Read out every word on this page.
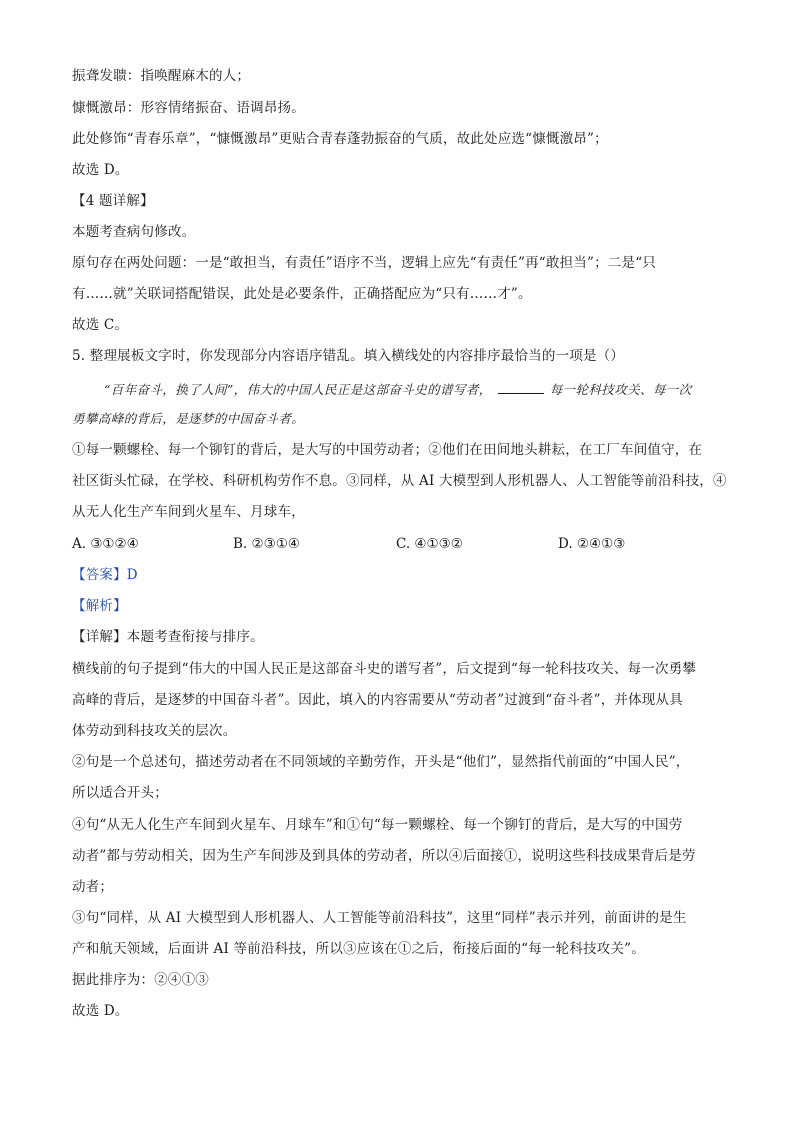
振聋发聩：指唤醒麻木的人；
慷慨激昂：形容情绪振奋、语调昂扬。
此处修饰“青春乐章”，“慷慨激昂”更贴合青春蓬勃振奋的气质，故此处应选“慷慨激昂”；
故选 D。
【4 题详解】
本题考查病句修改。
原句存在两处问题：一是“敢担当，有责任”语序不当，逻辑上应先“有责任”再“敢担当”；二是“只
有……就”关联词搭配错误，此处是必要条件，正确搭配应为“只有……才”。
故选 C。
5. 整理展板文字时，你发现部分内容语序错乱。填入横线处的内容排序最恰当的一项是（）
“百年奋斗，换了人间”，伟大的中国人民正是这部奋斗史的谱写者，	每一轮科技攻关、每一次
勇攀高峰的背后，是逐梦的中国奋斗者。
①每一颗螺栓、每一个铆钉的背后，是大写的中国劳动者；②他们在田间地头耕耘，在工厂车间值守，在
社区街头忙碌，在学校、科研机构劳作不息。③同样，从 AI 大模型到人形机器人、人工智能等前沿科技，④
从无人化生产车间到火星车、月球车，
A. ③①②④	B. ②③①④	C. ④①③②	D. ②④①③
【答案】D
【解析】
【详解】本题考查衔接与排序。
横线前的句子提到“伟大的中国人民正是这部奋斗史的谱写者”，后文提到“每一轮科技攻关、每一次勇攀
高峰的背后，是逐梦的中国奋斗者”。因此，填入的内容需要从“劳动者”过渡到“奋斗者”，并体现从具
体劳动到科技攻关的层次。
②句是一个总述句，描述劳动者在不同领域的辛勤劳作，开头是“他们”，显然指代前面的“中国人民”，
所以适合开头；
④句“从无人化生产车间到火星车、月球车”和①句“每一颗螺栓、每一个铆钉的背后，是大写的中国劳
动者”都与劳动相关，因为生产车间涉及到具体的劳动者，所以④后面接①，说明这些科技成果背后是劳
动者；
③句“同样，从 AI 大模型到人形机器人、人工智能等前沿科技”，这里“同样”表示并列，前面讲的是生
产和航天领域，后面讲 AI 等前沿科技，所以③应该在①之后，衔接后面的“每一轮科技攻关”。
据此排序为：②④①③
故选 D。
